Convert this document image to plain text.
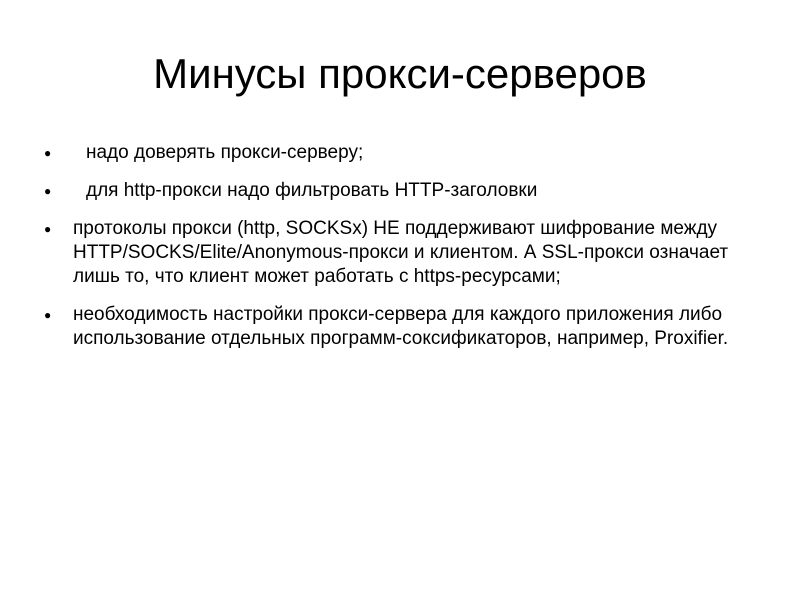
Минусы прокси-серверов
● надо доверять прокси-серверу;
● для http-прокси надо фильтровать HTTP-заголовки
● протоколы прокси (http, SOCKSx) НЕ поддерживают шифрование между HTTP/SOCKS/Elite/Anonymous-прокси и клиентом. А SSL-прокси означает лишь то, что клиент может работать с https-ресурсами;
● необходимость настройки прокси-сервера для каждого приложения либо использование отдельных программ-соксификаторов, например, Proxifier.
